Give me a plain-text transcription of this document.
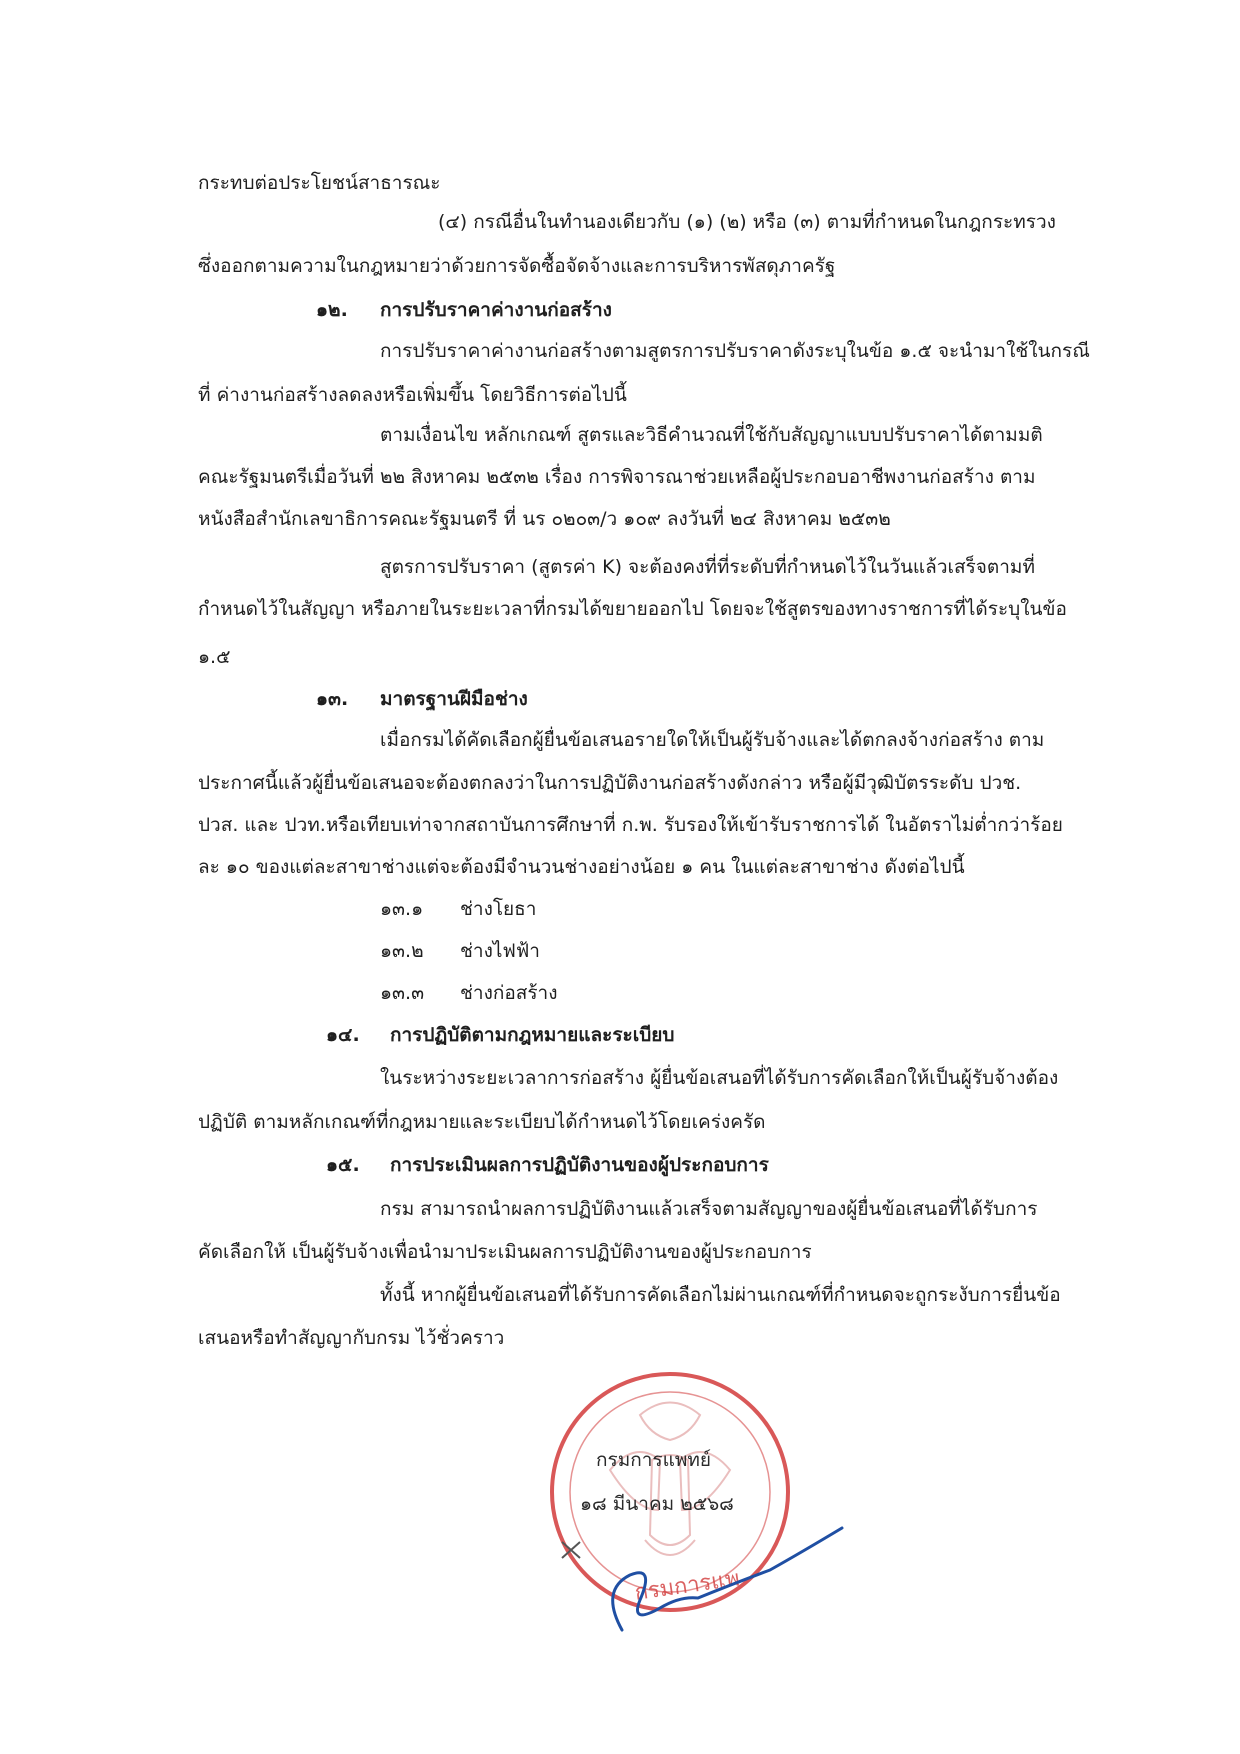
กระทบต่อประโยชน์สาธารณะ
(๔) กรณีอื่นในทำนองเดียวกับ (๑) (๒) หรือ (๓) ตามที่กำหนดในกฎกระทรวง
ซึ่งออกตามความในกฎหมายว่าด้วยการจัดซื้อจัดจ้างและการบริหารพัสดุภาครัฐ
๑๒. การปรับราคาค่างานก่อสร้าง
การปรับราคาค่างานก่อสร้างตามสูตรการปรับราคาดังระบุในข้อ ๑.๕ จะนำมาใช้ในกรณี
ที่ ค่างานก่อสร้างลดลงหรือเพิ่มขึ้น โดยวิธีการต่อไปนี้
ตามเงื่อนไข หลักเกณฑ์ สูตรและวิธีคำนวณที่ใช้กับสัญญาแบบปรับราคาได้ตามมติ
คณะรัฐมนตรีเมื่อวันที่ ๒๒ สิงหาคม ๒๕๓๒ เรื่อง การพิจารณาช่วยเหลือผู้ประกอบอาชีพงานก่อสร้าง ตาม
หนังสือสำนักเลขาธิการคณะรัฐมนตรี ที่ นร ๐๒๐๓/ว ๑๐๙ ลงวันที่ ๒๔ สิงหาคม ๒๕๓๒
สูตรการปรับราคา (สูตรค่า K) จะต้องคงที่ที่ระดับที่กำหนดไว้ในวันแล้วเสร็จตามที่
กำหนดไว้ในสัญญา หรือภายในระยะเวลาที่กรมได้ขยายออกไป โดยจะใช้สูตรของทางราชการที่ได้ระบุในข้อ
๑.๕
๑๓. มาตรฐานฝีมือช่าง
เมื่อกรมได้คัดเลือกผู้ยื่นข้อเสนอรายใดให้เป็นผู้รับจ้างและได้ตกลงจ้างก่อสร้าง ตาม
ประกาศนี้แล้วผู้ยื่นข้อเสนอจะต้องตกลงว่าในการปฏิบัติงานก่อสร้างดังกล่าว หรือผู้มีวุฒิบัตรระดับ ปวช.
ปวส. และ ปวท.หรือเทียบเท่าจากสถาบันการศึกษาที่ ก.พ. รับรองให้เข้ารับราชการได้ ในอัตราไม่ต่ำกว่าร้อย
ละ ๑๐ ของแต่ละสาขาช่างแต่จะต้องมีจำนวนช่างอย่างน้อย ๑ คน ในแต่ละสาขาช่าง ดังต่อไปนี้
๑๓.๑ ช่างโยธา
๑๓.๒ ช่างไฟฟ้า
๑๓.๓ ช่างก่อสร้าง
๑๔. การปฏิบัติตามกฎหมายและระเบียบ
ในระหว่างระยะเวลาการก่อสร้าง ผู้ยื่นข้อเสนอที่ได้รับการคัดเลือกให้เป็นผู้รับจ้างต้อง
ปฏิบัติ ตามหลักเกณฑ์ที่กฎหมายและระเบียบได้กำหนดไว้โดยเคร่งครัด
๑๕. การประเมินผลการปฏิบัติงานของผู้ประกอบการ
กรม สามารถนำผลการปฏิบัติงานแล้วเสร็จตามสัญญาของผู้ยื่นข้อเสนอที่ได้รับการ
คัดเลือกให้ เป็นผู้รับจ้างเพื่อนำมาประเมินผลการปฏิบัติงานของผู้ประกอบการ
ทั้งนี้ หากผู้ยื่นข้อเสนอที่ได้รับการคัดเลือกไม่ผ่านเกณฑ์ที่กำหนดจะถูกระงับการยื่นข้อ
เสนอหรือทำสัญญากับกรม ไว้ชั่วคราว
กรมการแพ
กรมการแพทย์
๑๘ มีนาคม ๒๕๖๘
